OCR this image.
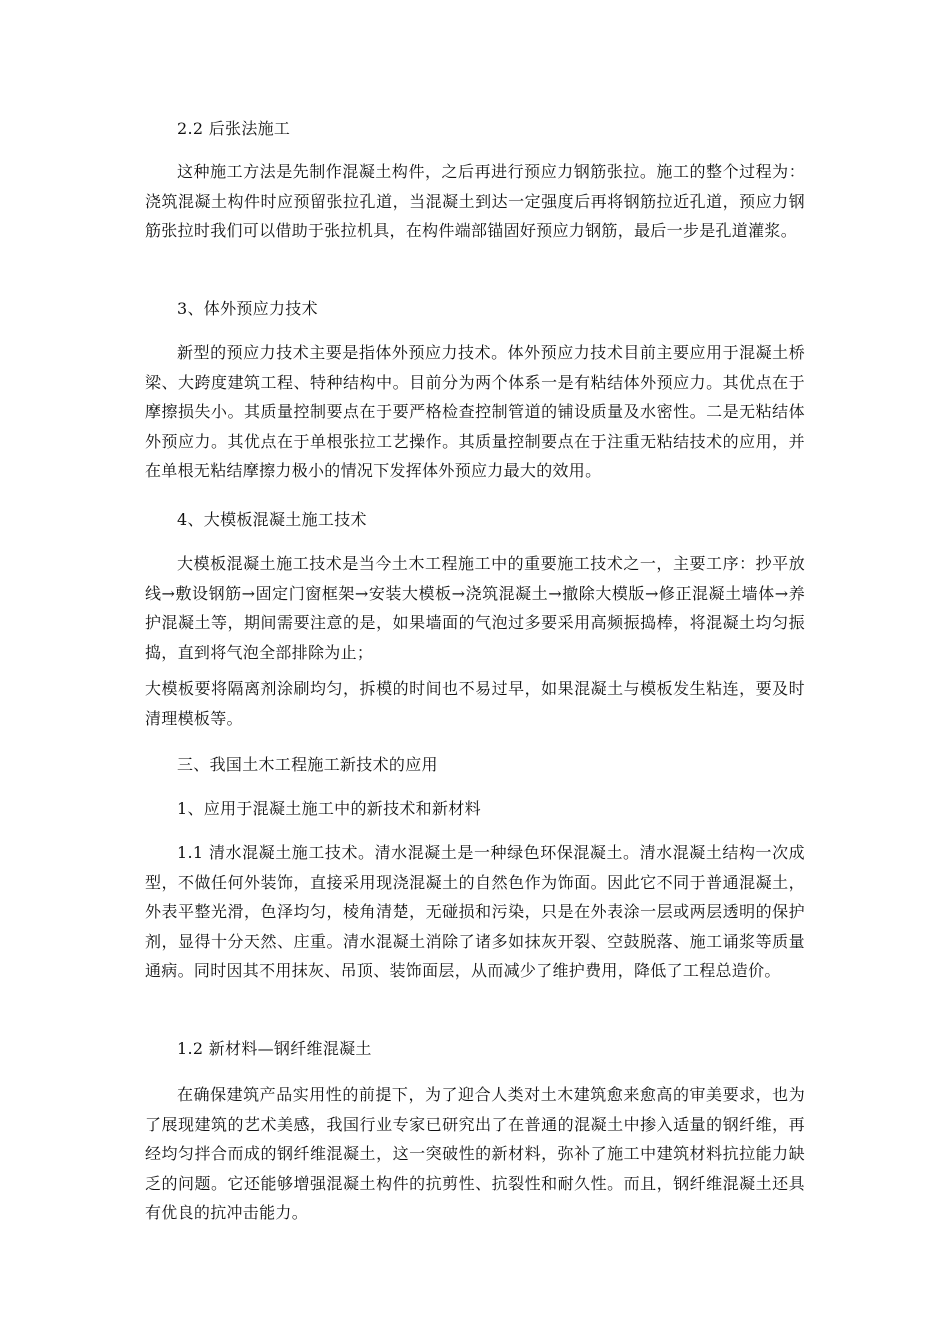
2.2 后张法施工

这种施工方法是先制作混凝土构件，之后再进行预应力钢筋张拉。施工的整个过程为：浇筑混凝土构件时应预留张拉孔道，当混凝土到达一定强度后再将钢筋拉近孔道，预应力钢筋张拉时我们可以借助于张拉机具，在构件端部锚固好预应力钢筋，最后一步是孔道灌浆。

3、体外预应力技术

新型的预应力技术主要是指体外预应力技术。体外预应力技术目前主要应用于混凝土桥梁、大跨度建筑工程、特种结构中。目前分为两个体系一是有粘结体外预应力。其优点在于摩擦损失小。其质量控制要点在于要严格检查控制管道的铺设质量及水密性。二是无粘结体外预应力。其优点在于单根张拉工艺操作。其质量控制要点在于注重无粘结技术的应用，并在单根无粘结摩擦力极小的情况下发挥体外预应力最大的效用。

4、大模板混凝土施工技术

大模板混凝土施工技术是当今土木工程施工中的重要施工技术之一，主要工序：抄平放线→敷设钢筋→固定门窗框架→安装大模板→浇筑混凝土→撤除大模版→修正混凝土墙体→养护混凝土等，期间需要注意的是，如果墙面的气泡过多要采用高频振捣棒，将混凝土均匀振捣，直到将气泡全部排除为止；

大模板要将隔离剂涂刷均匀，拆模的时间也不易过早，如果混凝土与模板发生粘连，要及时清理模板等。

三、我国土木工程施工新技术的应用

1、应用于混凝土施工中的新技术和新材料

1.1 清水混凝土施工技术。清水混凝土是一种绿色环保混凝土。清水混凝土结构一次成型，不做任何外装饰，直接采用现浇混凝土的自然色作为饰面。因此它不同于普通混凝土，外表平整光滑，色泽均匀，棱角清楚，无碰损和污染，只是在外表涂一层或两层透明的保护剂，显得十分天然、庄重。清水混凝土消除了诸多如抹灰开裂、空鼓脱落、施工诵浆等质量通病。同时因其不用抹灰、吊顶、装饰面层，从而减少了维护费用，降低了工程总造价。

1.2 新材料—钢纤维混凝土

在确保建筑产品实用性的前提下，为了迎合人类对土木建筑愈来愈高的审美要求，也为了展现建筑的艺术美感，我国行业专家已研究出了在普通的混凝土中掺入适量的钢纤维，再经均匀拌合而成的钢纤维混凝土，这一突破性的新材料，弥补了施工中建筑材料抗拉能力缺乏的问题。它还能够增强混凝土构件的抗剪性、抗裂性和耐久性。而且，钢纤维混凝土还具有优良的抗冲击能力。
